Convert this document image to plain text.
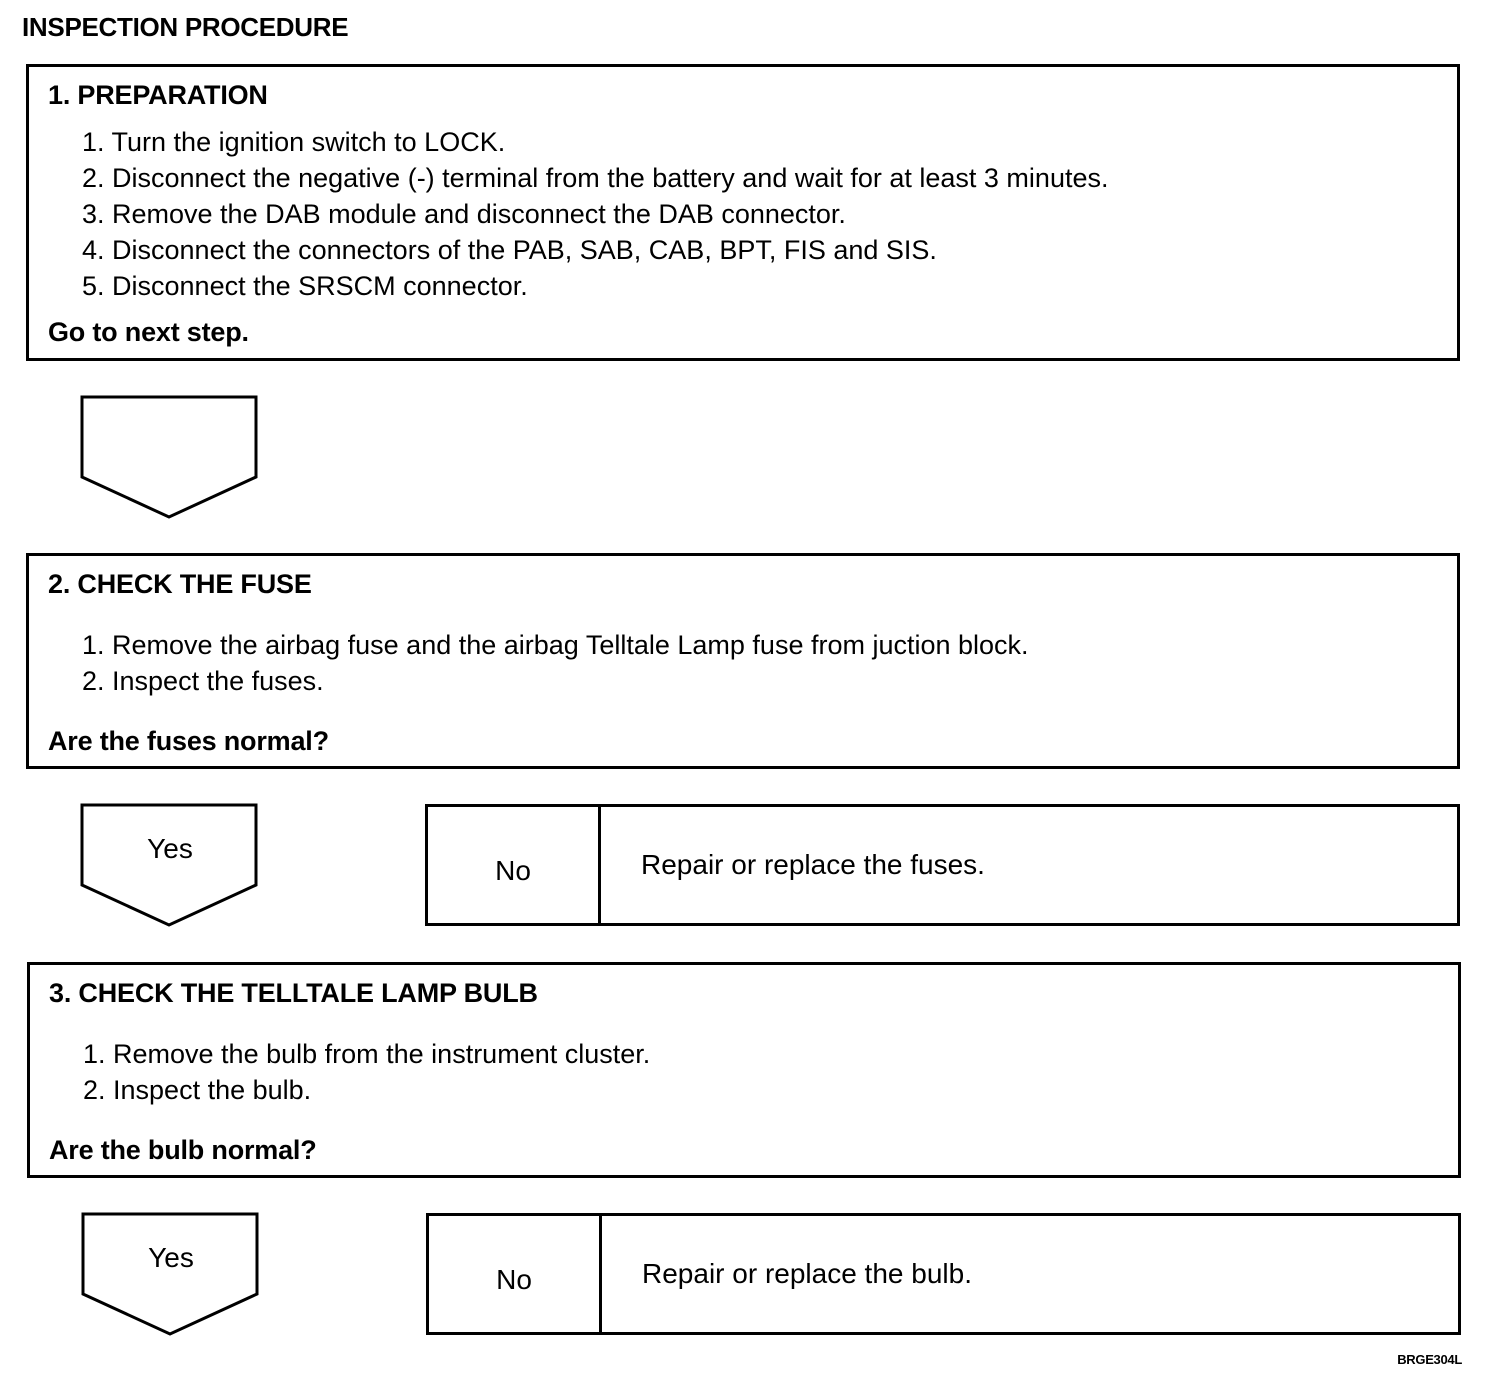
INSPECTION PROCEDURE
1. PREPARATION
1. Turn the ignition switch to LOCK.
2. Disconnect the negative (-) terminal from the battery and wait for at least 3 minutes.
3. Remove the DAB module and disconnect the DAB connector.
4. Disconnect the connectors of the PAB, SAB, CAB, BPT, FIS and SIS.
5. Disconnect the SRSCM connector.
Go to next step.
2. CHECK THE FUSE
1. Remove the airbag fuse and the airbag Telltale Lamp fuse from juction block.
2. Inspect the fuses.
Are the fuses normal?
Yes
No	Repair or replace the fuses.
3. CHECK THE TELLTALE LAMP BULB
1. Remove the bulb from the instrument cluster.
2. Inspect the bulb.
Are the bulb normal?
Yes
No	Repair or replace the bulb.
BRGE304L
